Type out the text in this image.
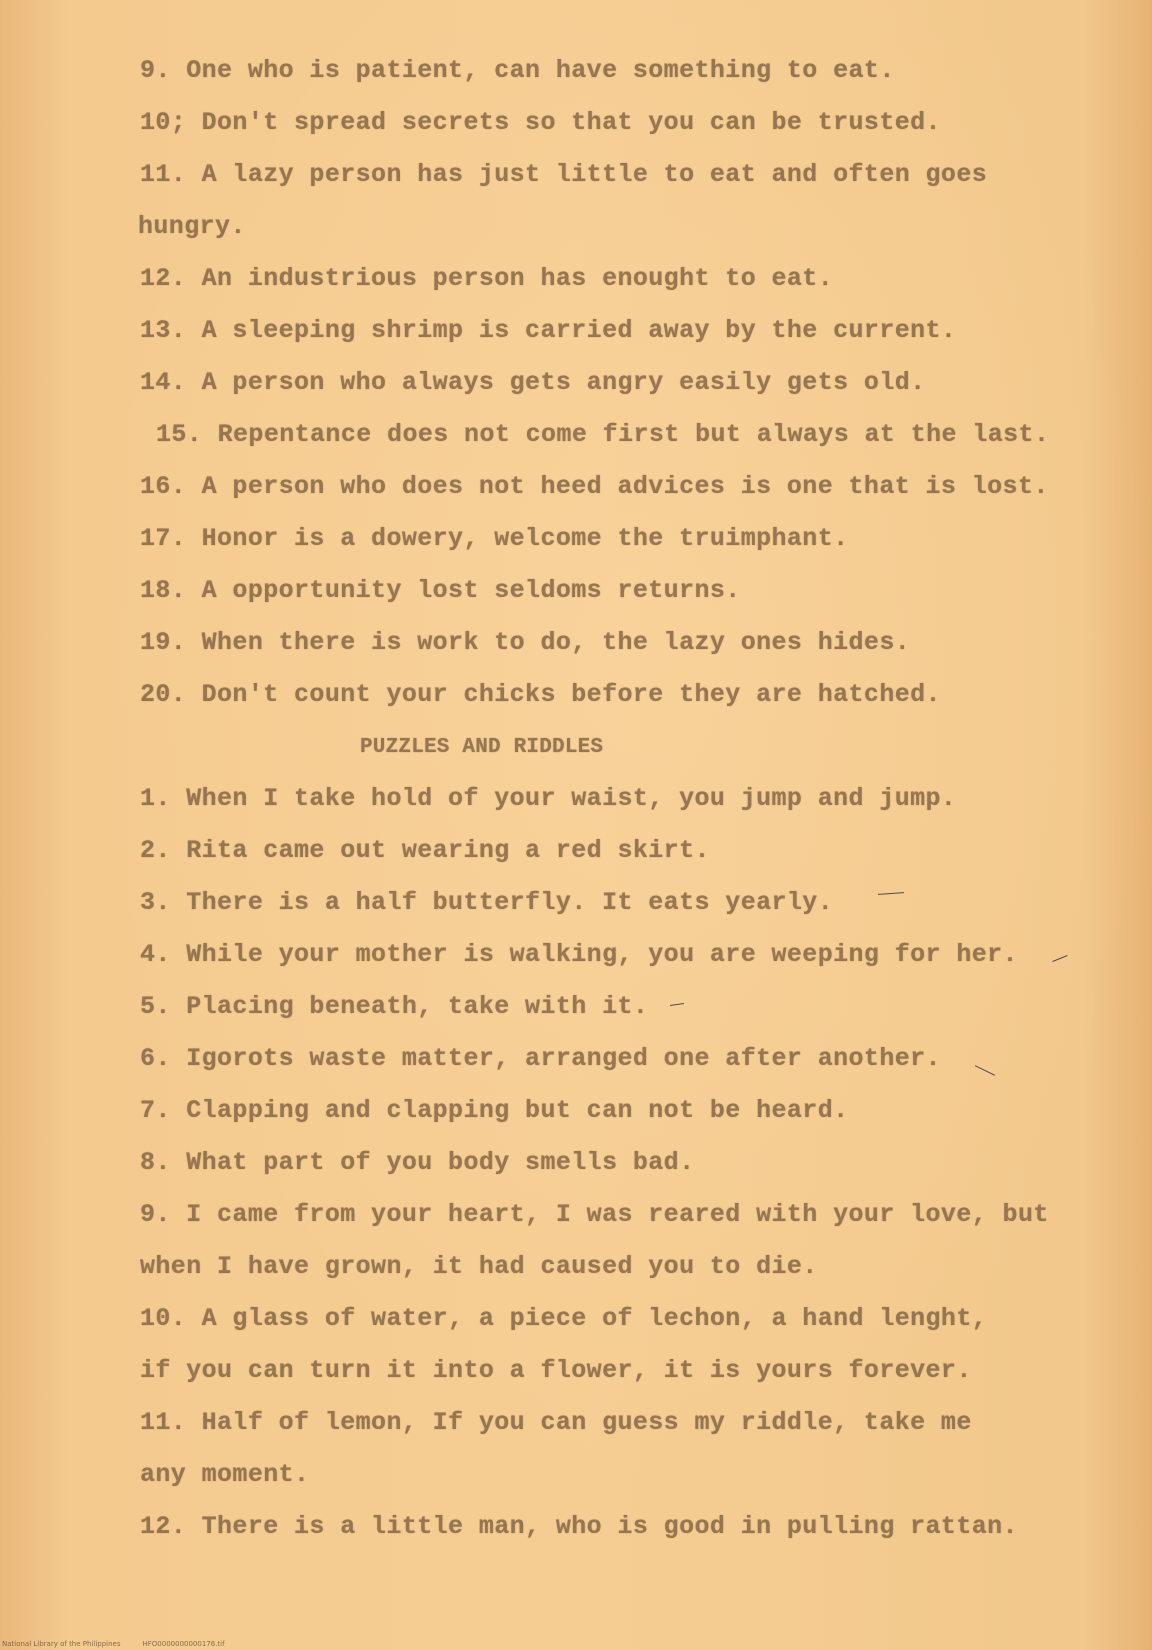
9. One who is patient, can have something to eat.
10; Don't spread secrets so that you can be trusted.
11. A lazy person has just little to eat and often goes
hungry.
12. An industrious person has enought to eat.
13. A sleeping shrimp is carried away by the current.
14. A person who always gets angry easily gets old.
15. Repentance does not come first but always at the last.
16. A person who does not heed advices is one that is lost.
17. Honor is a dowery, welcome the truimphant.
18. A opportunity lost seldoms returns.
19. When there is work to do, the lazy ones hides.
20. Don't count your chicks before they are hatched.
PUZZLES AND RIDDLES
1. When I take hold of your waist, you jump and jump.
2. Rita came out wearing a red skirt.
3. There is a half butterfly. It eats yearly.
4. While your mother is walking, you are weeping for her.
5. Placing beneath, take with it.
6. Igorots waste matter, arranged one after another.
7. Clapping and clapping but can not be heard.
8. What part of you body smells bad.
9. I came from your heart, I was reared with your love, but
when I have grown, it had caused you to die.
10. A glass of water, a piece of lechon, a hand lenght,
if you can turn it into a flower, it is yours forever.
11. Half of lemon, If you can guess my riddle, take me
any moment.
12. There is a little man, who is good in pulling rattan.
National Library of the Philippines	HFO0000000000176.tif
